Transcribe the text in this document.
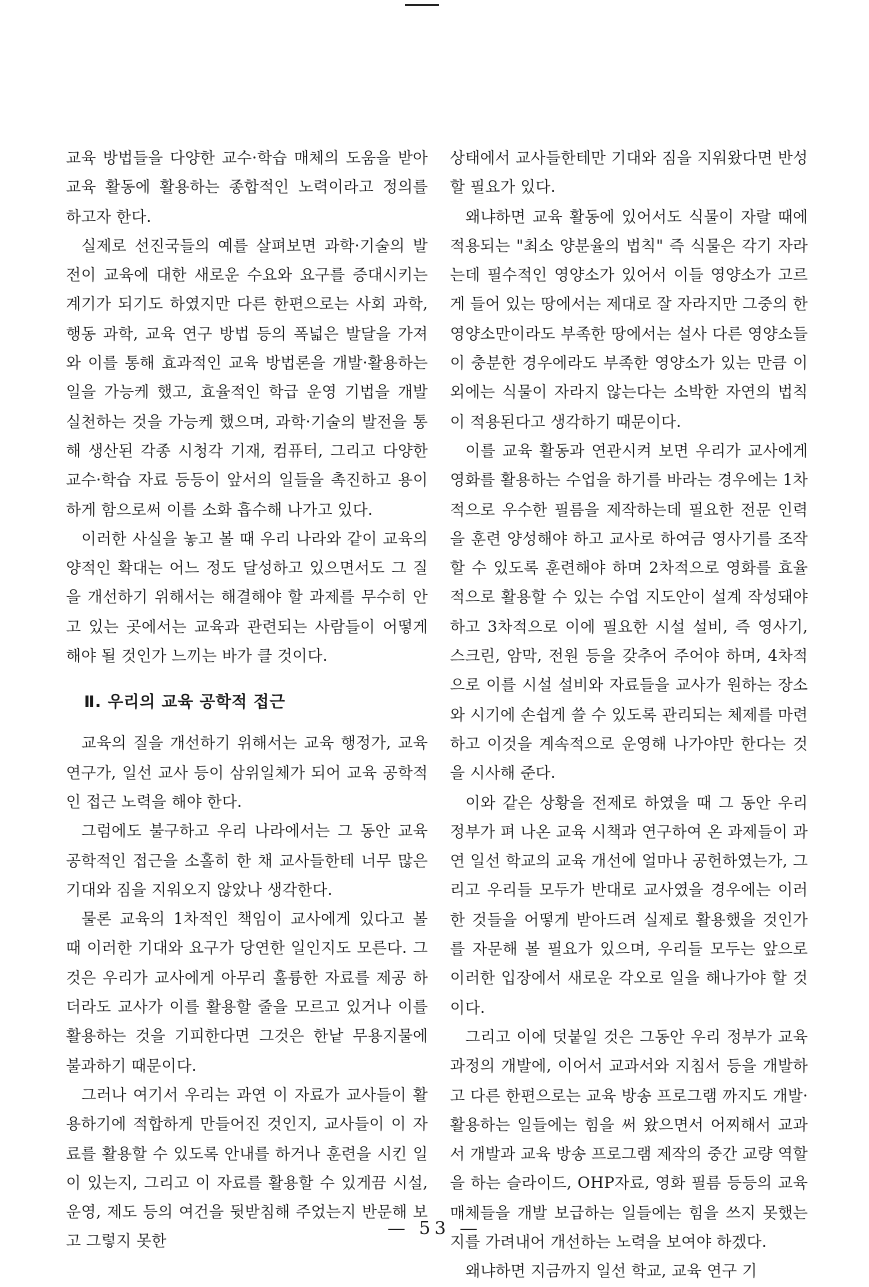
교육 방법들을 다양한 교수·학습 매체의 도움을 받아 교육 활동에 활용하는 종합적인 노력이라고 정의를 하고자 한다.

실제로 선진국들의 예를 살펴보면 과학·기술의 발전이 교육에 대한 새로운 수요와 요구를 증대시키는 계기가 되기도 하였지만 다른 한편으로는 사회 과학, 행동 과학, 교육 연구 방법 등의 폭넓은 발달을 가져와 이를 통해 효과적인 교육 방법론을 개발·활용하는 일을 가능케 했고, 효율적인 학급 운영 기법을 개발 실천하는 것을 가능케 했으며, 과학·기술의 발전을 통해 생산된 각종 시청각 기재, 컴퓨터, 그리고 다양한 교수·학습 자료 등등이 앞서의 일들을 촉진하고 용이하게 함으로써 이를 소화 흡수해 나가고 있다.

이러한 사실을 놓고 볼 때 우리 나라와 같이 교육의 양적인 확대는 어느 정도 달성하고 있으면서도 그 질을 개선하기 위해서는 해결해야 할 과제를 무수히 안고 있는 곳에서는 교육과 관련되는 사람들이 어떻게 해야 될 것인가 느끼는 바가 클 것이다.

Ⅱ. 우리의 교육 공학적 접근

교육의 질을 개선하기 위해서는 교육 행정가, 교육 연구가, 일선 교사 등이 삼위일체가 되어 교육 공학적인 접근 노력을 해야 한다.

그럼에도 불구하고 우리 나라에서는 그 동안 교육 공학적인 접근을 소홀히 한 채 교사들한테 너무 많은 기대와 짐을 지워오지 않았나 생각한다.

물론 교육의 1차적인 책임이 교사에게 있다고 볼 때 이러한 기대와 요구가 당연한 일인지도 모른다. 그것은 우리가 교사에게 아무리 훌륭한 자료를 제공 하더라도 교사가 이를 활용할 줄을 모르고 있거나 이를 활용하는 것을 기피한다면 그것은 한낱 무용지물에 불과하기 때문이다.

그러나 여기서 우리는 과연 이 자료가 교사들이 활용하기에 적합하게 만들어진 것인지, 교사들이 이 자료를 활용할 수 있도록 안내를 하거나 훈련을 시킨 일이 있는지, 그리고 이 자료를 활용할 수 있게끔 시설, 운영, 제도 등의 여건을 뒷받침해 주었는지 반문해 보고 그렇지 못한

상태에서 교사들한테만 기대와 짐을 지워왔다면 반성할 필요가 있다.

왜냐하면 교육 활동에 있어서도 식물이 자랄 때에 적용되는 "최소 양분율의 법칙" 즉 식물은 각기 자라는데 필수적인 영양소가 있어서 이들 영양소가 고르게 들어 있는 땅에서는 제대로 잘 자라지만 그중의 한 영양소만이라도 부족한 땅에서는 설사 다른 영양소들이 충분한 경우에라도 부족한 영양소가 있는 만큼 이외에는 식물이 자라지 않는다는 소박한 자연의 법칙이 적용된다고 생각하기 때문이다.

이를 교육 활동과 연관시켜 보면 우리가 교사에게 영화를 활용하는 수업을 하기를 바라는 경우에는 1차적으로 우수한 필름을 제작하는데 필요한 전문 인력을 훈련 양성해야 하고 교사로 하여금 영사기를 조작할 수 있도록 훈련해야 하며 2차적으로 영화를 효율적으로 활용할 수 있는 수업 지도안이 설계 작성돼야 하고 3차적으로 이에 필요한 시설 설비, 즉 영사기, 스크린, 암막, 전원 등을 갖추어 주어야 하며, 4차적으로 이를 시설 설비와 자료들을 교사가 원하는 장소와 시기에 손쉽게 쓸 수 있도록 관리되는 체제를 마련하고 이것을 계속적으로 운영해 나가야만 한다는 것을 시사해 준다.

이와 같은 상황을 전제로 하였을 때 그 동안 우리 정부가 펴 나온 교육 시책과 연구하여 온 과제들이 과연 일선 학교의 교육 개선에 얼마나 공헌하였는가, 그리고 우리들 모두가 반대로 교사였을 경우에는 이러한 것들을 어떻게 받아드려 실제로 활용했을 것인가를 자문해 볼 필요가 있으며, 우리들 모두는 앞으로 이러한 입장에서 새로운 각오로 일을 해나가야 할 것이다.

그리고 이에 덧붙일 것은 그동안 우리 정부가 교육 과정의 개발에, 이어서 교과서와 지침서 등을 개발하고 다른 한편으로는 교육 방송 프로그램 까지도 개발·활용하는 일들에는 힘을 써 왔으면서 어찌해서 교과서 개발과 교육 방송 프로그램 제작의 중간 교량 역할을 하는 슬라이드, OHP자료, 영화 필름 등등의 교육 매체들을 개발 보급하는 일들에는 힘을 쓰지 못했는지를 가려내어 개선하는 노력을 보여야 하겠다.

왜냐하면 지금까지 일선 학교, 교육 연구 기

— 53 —
